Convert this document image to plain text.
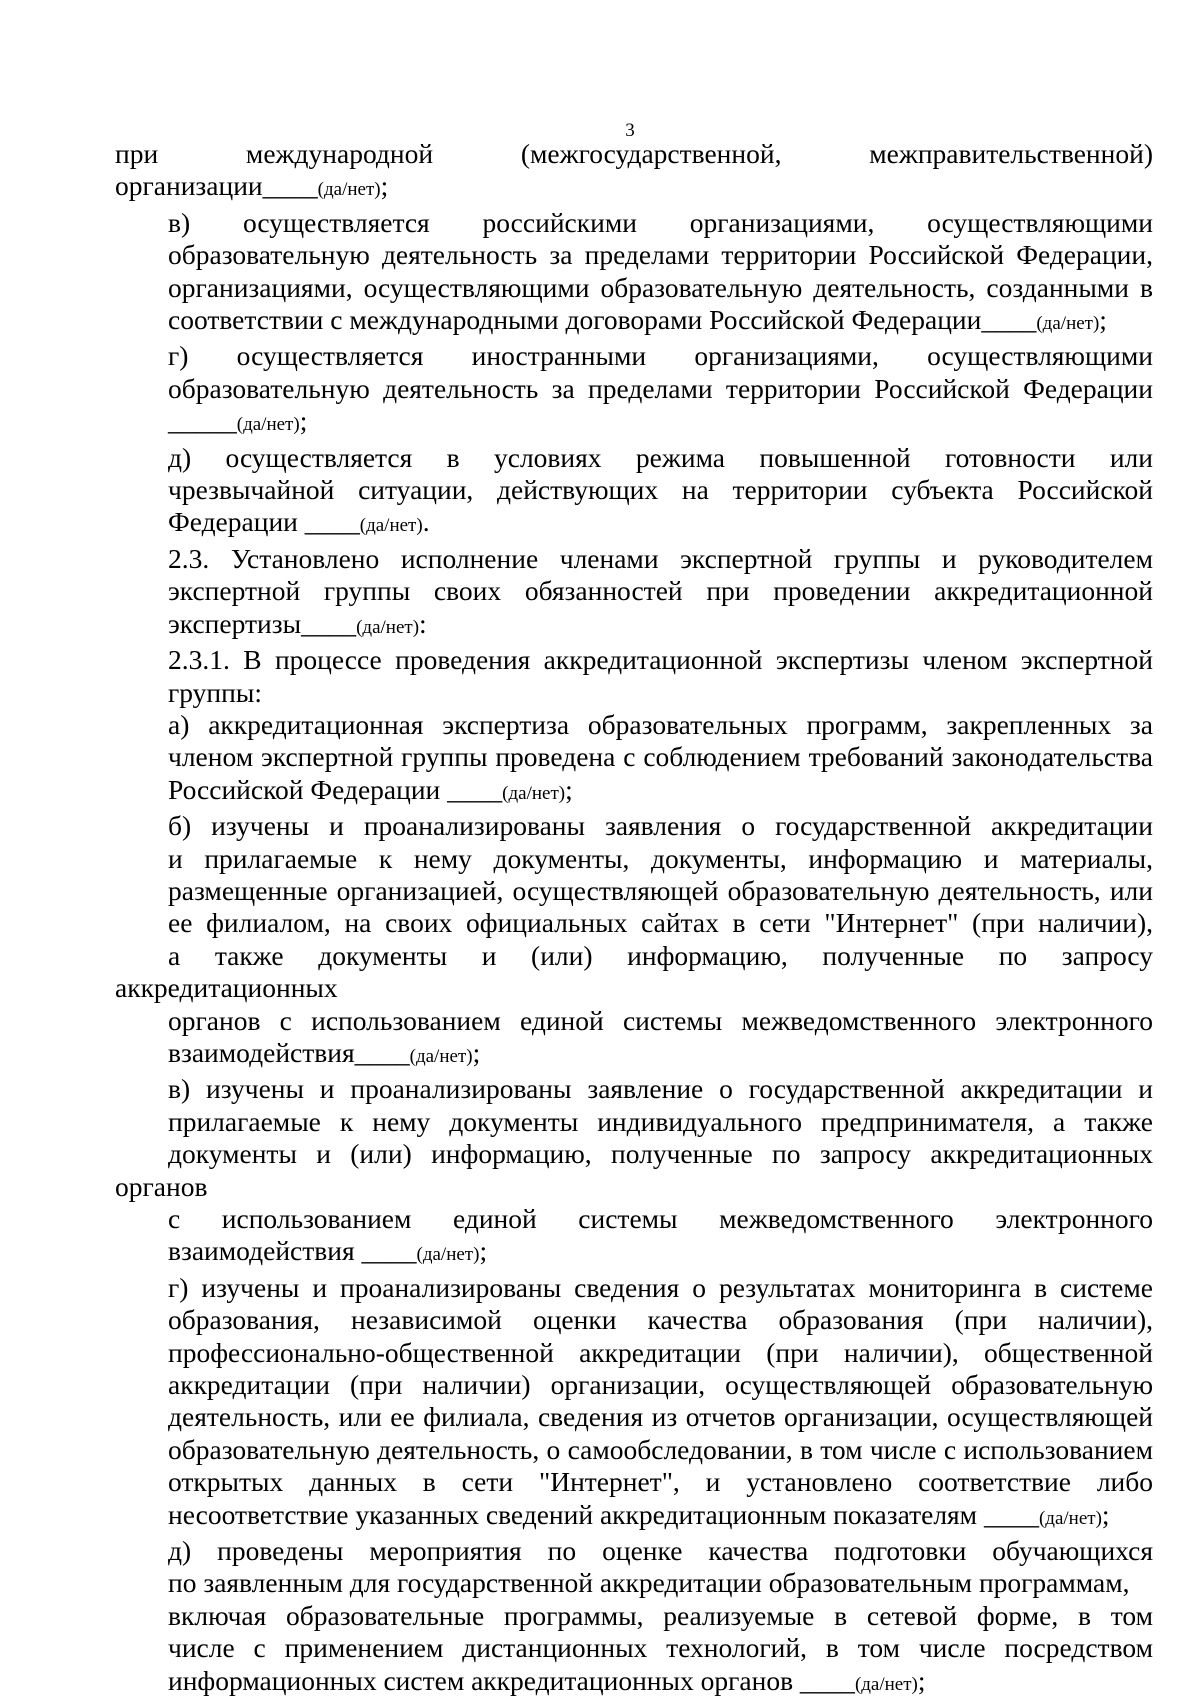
3

при международной (межгосударственной, межправительственной)
организации____(да/нет);

в) осуществляется российскими организациями, осуществляющими
образовательную деятельность за пределами территории Российской Федерации,
организациями, осуществляющими образовательную деятельность, созданными в
соответствии с международными договорами Российской Федерации____(да/нет);

г) осуществляется иностранными организациями, осуществляющими
образовательную деятельность за пределами территории Российской Федерации
_____(да/нет);

д) осуществляется в условиях режима повышенной готовности или
чрезвычайной ситуации, действующих на территории субъекта Российской
Федерации ____(да/нет).

2.3. Установлено исполнение членами экспертной группы и руководителем
экспертной группы своих обязанностей при проведении аккредитационной
экспертизы____(да/нет):

2.3.1. В процессе проведения аккредитационной экспертизы членом экспертной
группы:

а) аккредитационная экспертиза образовательных программ, закрепленных за
членом экспертной группы проведена с соблюдением требований законодательства
Российской Федерации ____(да/нет);

б) изучены и проанализированы заявления о государственной аккредитации
и прилагаемые к нему документы, документы, информацию и материалы,
размещенные организацией, осуществляющей образовательную деятельность, или
ее филиалом, на своих официальных сайтах в сети "Интернет" (при наличии),
а также документы и (или) информацию, полученные по запросу аккредитационных
органов с использованием единой системы межведомственного электронного
взаимодействия____(да/нет);

в) изучены и проанализированы заявление о государственной аккредитации и
прилагаемые к нему документы индивидуального предпринимателя, а также
документы и (или) информацию, полученные по запросу аккредитационных органов
с использованием единой системы межведомственного электронного
взаимодействия ____(да/нет);

г) изучены и проанализированы сведения о результатах мониторинга в системе
образования, независимой оценки качества образования (при наличии),
профессионально-общественной аккредитации (при наличии), общественной
аккредитации (при наличии) организации, осуществляющей образовательную
деятельность, или ее филиала, сведения из отчетов организации, осуществляющей
образовательную деятельность, о самообследовании, в том числе с использованием
открытых данных в сети "Интернет", и установлено соответствие либо
несоответствие указанных сведений аккредитационным показателям ____(да/нет);

д) проведены мероприятия по оценке качества подготовки обучающихся
по заявленным для государственной аккредитации образовательным программам,

включая образовательные программы, реализуемые в сетевой форме, в том
числе с применением дистанционных технологий, в том числе посредством
информационных систем аккредитационных органов ____(да/нет);
